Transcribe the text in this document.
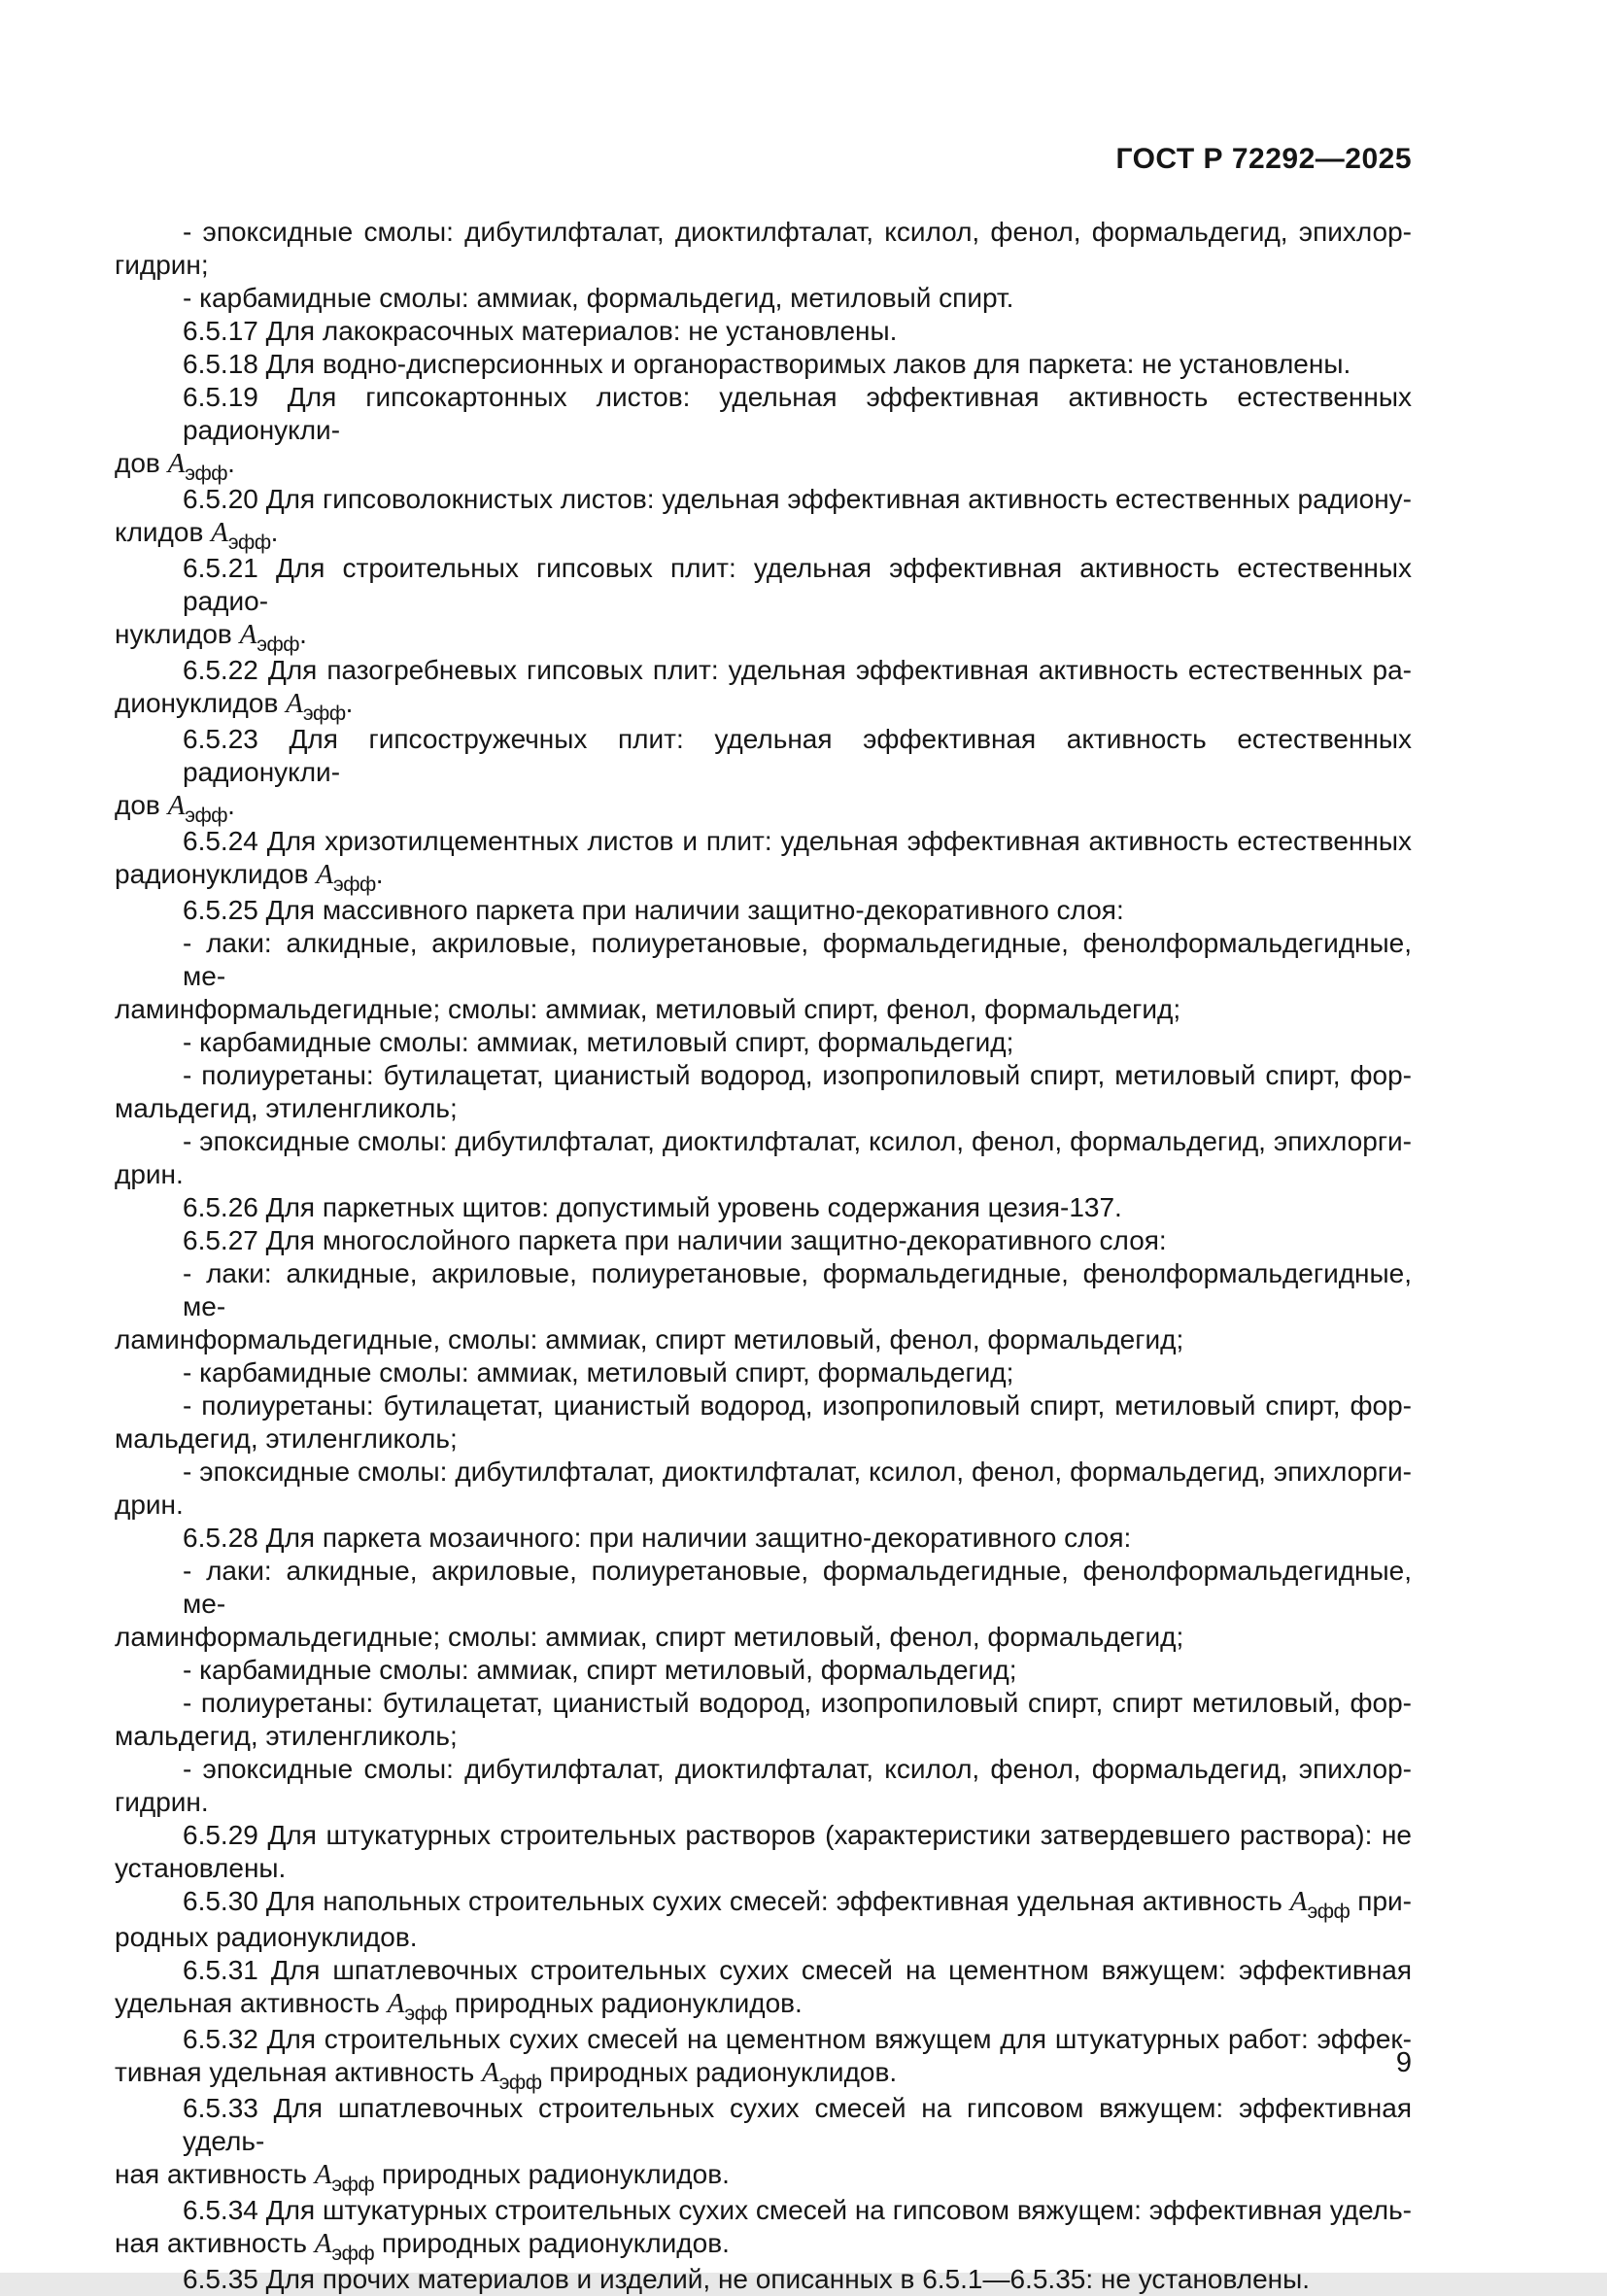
ГОСТ Р 72292—2025
- эпоксидные смолы: дибутилфталат, диоктилфталат, ксилол, фенол, формальдегид, эпихлор-
гидрин;
- карбамидные смолы: аммиак, формальдегид, метиловый спирт.
6.5.17 Для лакокрасочных материалов: не установлены.
6.5.18 Для водно-дисперсионных и органорастворимых лаков для паркета: не установлены.
6.5.19 Для гипсокартонных листов: удельная эффективная активность естественных радионукли-
дов $А_{эфф}$.
6.5.20 Для гипсоволокнистых листов: удельная эффективная активность естественных радиону-
клидов $А_{эфф}$.
6.5.21 Для строительных гипсовых плит: удельная эффективная активность естественных радио-
нуклидов $А_{эфф}$.
6.5.22 Для пазогребневых гипсовых плит: удельная эффективная активность естественных ра-
дионуклидов $А_{эфф}$.
6.5.23 Для гипсостружечных плит: удельная эффективная активность естественных радионукли-
дов $А_{эфф}$.
6.5.24 Для хризотилцементных листов и плит: удельная эффективная активность естественных
радионуклидов $А_{эфф}$.
6.5.25 Для массивного паркета при наличии защитно-декоративного слоя:
- лаки: алкидные, акриловые, полиуретановые, формальдегидные, фенолформальдегидные, ме-
ламинформальдегидные; смолы: аммиак, метиловый спирт, фенол, формальдегид;
- карбамидные смолы: аммиак, метиловый спирт, формальдегид;
- полиуретаны: бутилацетат, цианистый водород, изопропиловый спирт, метиловый спирт, фор-
мальдегид, этиленгликоль;
- эпоксидные смолы: дибутилфталат, диоктилфталат, ксилол, фенол, формальдегид, эпихлорги-
дрин.
6.5.26 Для паркетных щитов: допустимый уровень содержания цезия-137.
6.5.27 Для многослойного паркета при наличии защитно-декоративного слоя:
- лаки: алкидные, акриловые, полиуретановые, формальдегидные, фенолформальдегидные, ме-
ламинформальдегидные, смолы: аммиак, спирт метиловый, фенол, формальдегид;
- карбамидные смолы: аммиак, метиловый спирт, формальдегид;
- полиуретаны: бутилацетат, цианистый водород, изопропиловый спирт, метиловый спирт, фор-
мальдегид, этиленгликоль;
- эпоксидные смолы: дибутилфталат, диоктилфталат, ксилол, фенол, формальдегид, эпихлорги-
дрин.
6.5.28 Для паркета мозаичного: при наличии защитно-декоративного слоя:
- лаки: алкидные, акриловые, полиуретановые, формальдегидные, фенолформальдегидные, ме-
ламинформальдегидные; смолы: аммиак, спирт метиловый, фенол, формальдегид;
- карбамидные смолы: аммиак, спирт метиловый, формальдегид;
- полиуретаны: бутилацетат, цианистый водород, изопропиловый спирт, спирт метиловый, фор-
мальдегид, этиленгликоль;
- эпоксидные смолы: дибутилфталат, диоктилфталат, ксилол, фенол, формальдегид, эпихлор-
гидрин.
6.5.29 Для штукатурных строительных растворов (характеристики затвердевшего раствора): не
установлены.
6.5.30 Для напольных строительных сухих смесей: эффективная удельная активность $А_{эфф}$ при-
родных радионуклидов.
6.5.31 Для шпатлевочных строительных сухих смесей на цементном вяжущем: эффективная
удельная активность $А_{эфф}$ природных радионуклидов.
6.5.32 Для строительных сухих смесей на цементном вяжущем для штукатурных работ: эффек-
тивная удельная активность $А_{эфф}$ природных радионуклидов.
6.5.33 Для шпатлевочных строительных сухих смесей на гипсовом вяжущем: эффективная удель-
ная активность $А_{эфф}$ природных радионуклидов.
6.5.34 Для штукатурных строительных сухих смесей на гипсовом вяжущем: эффективная удель-
ная активность $А_{эфф}$ природных радионуклидов.
6.5.35 Для прочих материалов и изделий, не описанных в 6.5.1—6.5.35: не установлены.
9
